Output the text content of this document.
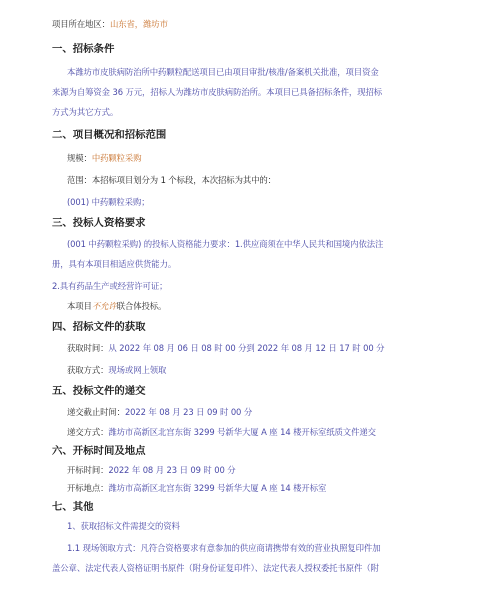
项目所在地区：山东省，潍坊市
一、招标条件
本潍坊市皮肤病防治所中药颗粒配送项目已由项目审批/核准/备案机关批准，项目资金
来源为自筹资金 36 万元，招标人为潍坊市皮肤病防治所。本项目已具备招标条件，现招标
方式为其它方式。
二、项目概况和招标范围
规模：中药颗粒采购
范围：本招标项目划分为 1 个标段，本次招标为其中的：
(001) 中药颗粒采购；
三、投标人资格要求
(001 中药颗粒采购) 的投标人资格能力要求：1.供应商须在中华人民共和国境内依法注
册，具有本项目相适应供货能力。
2.具有药品生产或经营许可证；
本项目不允许联合体投标。
四、招标文件的获取
获取时间：从 2022 年 08 月 06 日 08 时 00 分到 2022 年 08 月 12 日 17 时 00 分
获取方式：现场或网上领取
五、投标文件的递交
递交截止时间：2022 年 08 月 23 日 09 时 00 分
递交方式：潍坊市高新区北宫东街 3299 号新华大厦 A 座 14 楼开标室纸质文件递交
六、开标时间及地点
开标时间：2022 年 08 月 23 日 09 时 00 分
开标地点：潍坊市高新区北宫东街 3299 号新华大厦 A 座 14 楼开标室
七、其他
1、获取招标文件需提交的资料
1.1 现场领取方式：凡符合资格要求有意参加的供应商请携带有效的营业执照复印件加
盖公章、法定代表人资格证明书原件（附身份证复印件）、法定代表人授权委托书原件（附
